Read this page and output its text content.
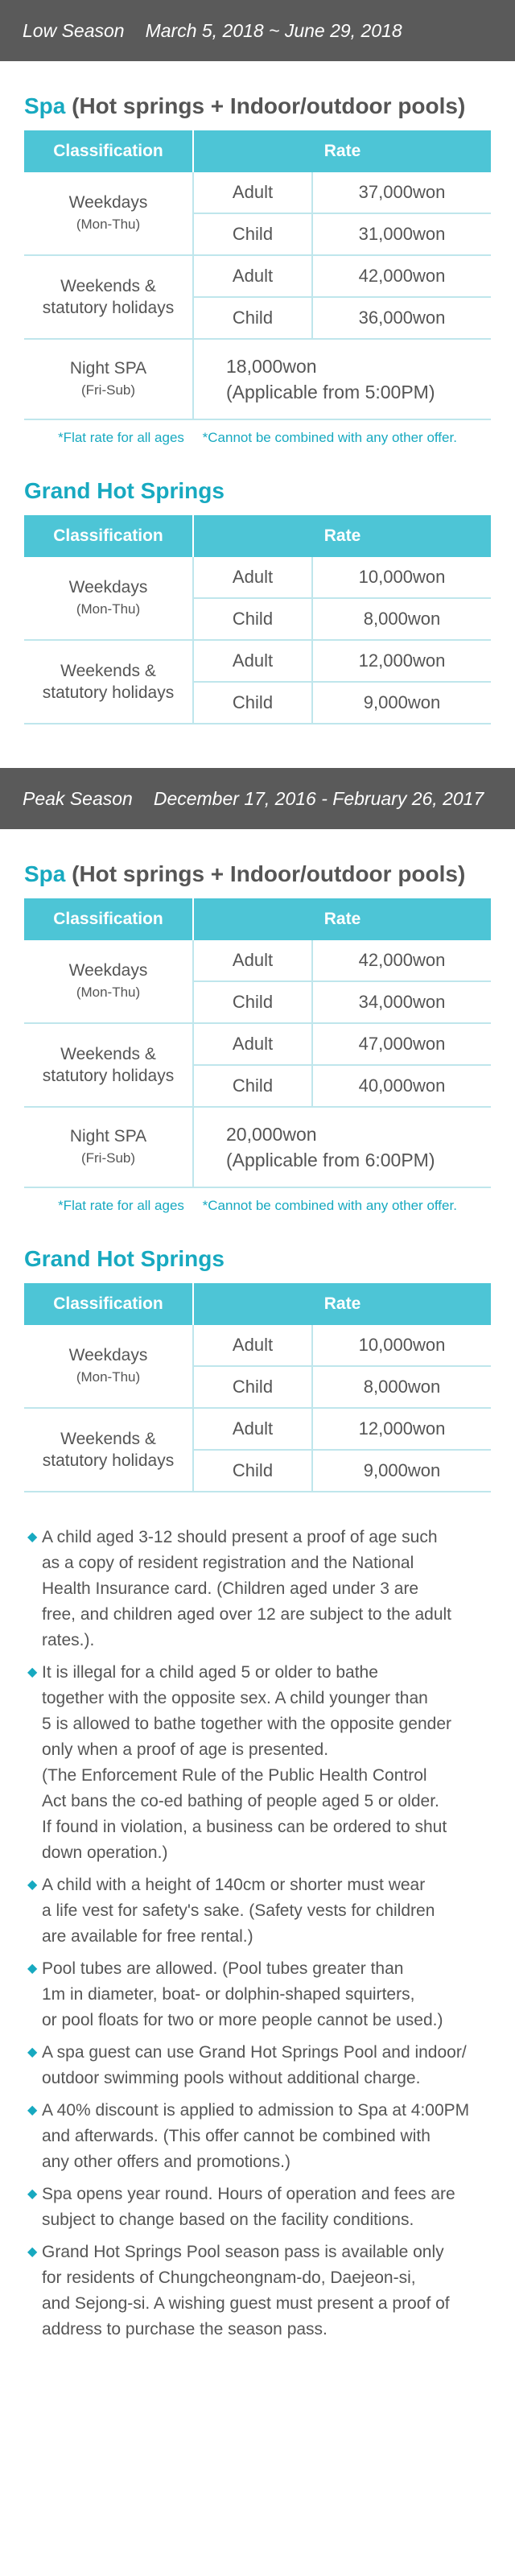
Low Season March 5, 2018 ~ June 29, 2018
Spa (Hot springs + Indoor/outdoor pools)
Classification	Rate	
Weekdays
(Mon-Thu)	Adult	37,000won
	Child	31,000won
Weekends &
statutory holidays	Adult	42,000won
	Child	36,000won
Night SPA
(Fri-Sub)	18,000won
(Applicable from 5:00PM)	
*Flat rate for all ages *Cannot be combined with any other offer.
Grand Hot Springs
Classification	Rate	
Weekdays
(Mon-Thu)	Adult	10,000won
	Child	8,000won
Weekends &
statutory holidays	Adult	12,000won
	Child	9,000won
Peak Season December 17, 2016 - February 26, 2017
Spa (Hot springs + Indoor/outdoor pools)
Classification	Rate	
Weekdays
(Mon-Thu)	Adult	42,000won
	Child	34,000won
Weekends &
statutory holidays	Adult	47,000won
	Child	40,000won
Night SPA
(Fri-Sub)	20,000won
(Applicable from 6:00PM)	
*Flat rate for all ages *Cannot be combined with any other offer.
Grand Hot Springs
Classification	Rate	
Weekdays
(Mon-Thu)	Adult	10,000won
	Child	8,000won
Weekends &
statutory holidays	Adult	12,000won
	Child	9,000won
◆ A child aged 3-12 should present a proof of age such
as a copy of resident registration and the National
Health Insurance card. (Children aged under 3 are
free, and children aged over 12 are subject to the adult
rates.).
◆ It is illegal for a child aged 5 or older to bathe
together with the opposite sex. A child younger than
5 is allowed to bathe together with the opposite gender
only when a proof of age is presented.
(The Enforcement Rule of the Public Health Control
Act bans the co-ed bathing of people aged 5 or older.
If found in violation, a business can be ordered to shut
down operation.)
◆ A child with a height of 140cm or shorter must wear
a life vest for safety's sake. (Safety vests for children
are available for free rental.)
◆ Pool tubes are allowed. (Pool tubes greater than
1m in diameter, boat- or dolphin-shaped squirters,
or pool floats for two or more people cannot be used.)
◆ A spa guest can use Grand Hot Springs Pool and indoor/
outdoor swimming pools without additional charge.
◆ A 40% discount is applied to admission to Spa at 4:00PM
and afterwards. (This offer cannot be combined with
any other offers and promotions.)
◆ Spa opens year round. Hours of operation and fees are
subject to change based on the facility conditions.
◆ Grand Hot Springs Pool season pass is available only
for residents of Chungcheongnam-do, Daejeon-si,
and Sejong-si. A wishing guest must present a proof of
address to purchase the season pass.
